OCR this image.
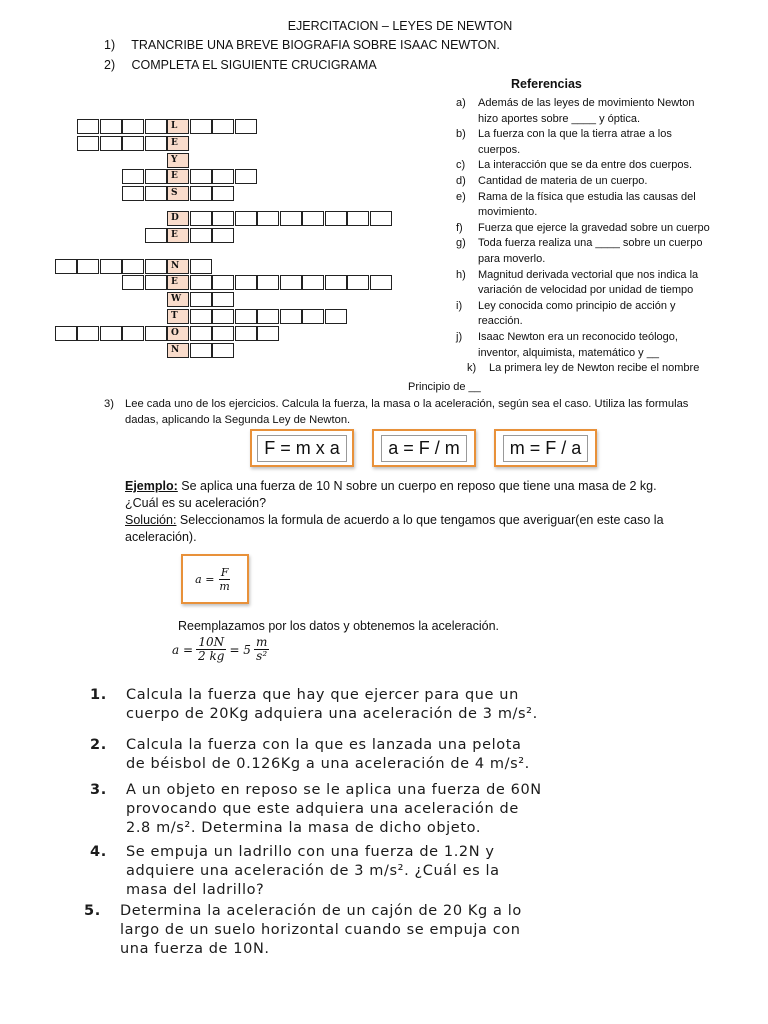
EJERCITACION – LEYES DE NEWTON
1) TRANCRIBE UNA BREVE BIOGRAFIA SOBRE ISAAC NEWTON.
2) COMPLETA EL SIGUIENTE CRUCIGRAMA
L
E
Y
E
S
D
E
N
E
W
T
O
N
Referencias
a) Además de las leyes de movimiento Newton
hizo aportes sobre ____ y óptica.
b) La fuerza con la que la tierra atrae a los
cuerpos.
c) La interacción que se da entre dos cuerpos.
d) Cantidad de materia de un cuerpo.
e) Rama de la física que estudia las causas del
movimiento.
f) Fuerza que ejerce la gravedad sobre un cuerpo
g) Toda fuerza realiza una ____ sobre un cuerpo
para moverlo.
h) Magnitud derivada vectorial que nos indica la
variación de velocidad por unidad de tiempo
i) Ley conocida como principio de acción y
reacción.
j) Isaac Newton era un reconocido teólogo,
inventor, alquimista, matemático y __
k) La primera ley de Newton recibe el nombre
Principio de __
3) Lee cada uno de los ejercicios. Calcula la fuerza, la masa o la aceleración, según sea el caso. Utiliza las formulas

dadas, aplicando la Segunda Ley de Newton.
F = m x a	a = F / m	m = F / a
Ejemplo: Se aplica una fuerza de 10 N sobre un cuerpo en reposo que tiene una masa de 2 kg.
¿Cuál es su aceleración?
Solución: Seleccionamos la formula de acuerdo a lo que tengamos que averiguar(en este caso la
aceleración).
$a = \frac{F}{m}$
Reemplazamos por los datos y obtenemos la aceleración.
$a = \frac{10N}{2 kg} = 5 \frac{m}{\text{s²}}$
1. Calcula la fuerza que hay que ejercer para que un
cuerpo de 20Kg adquiera una aceleración de 3 m/s².
2. Calcula la fuerza con la que es lanzada una pelota
de béisbol de 0.126Kg a una aceleración de 4 m/s².
3. A un objeto en reposo se le aplica una fuerza de 60N
provocando que este adquiera una aceleración de
2.8 m/s². Determina la masa de dicho objeto.
4. Se empuja un ladrillo con una fuerza de 1.2N y
adquiere una aceleración de 3 m/s². ¿Cuál es la
masa del ladrillo?
5. Determina la aceleración de un cajón de 20 Kg a lo
largo de un suelo horizontal cuando se empuja con
una fuerza de 10N.
